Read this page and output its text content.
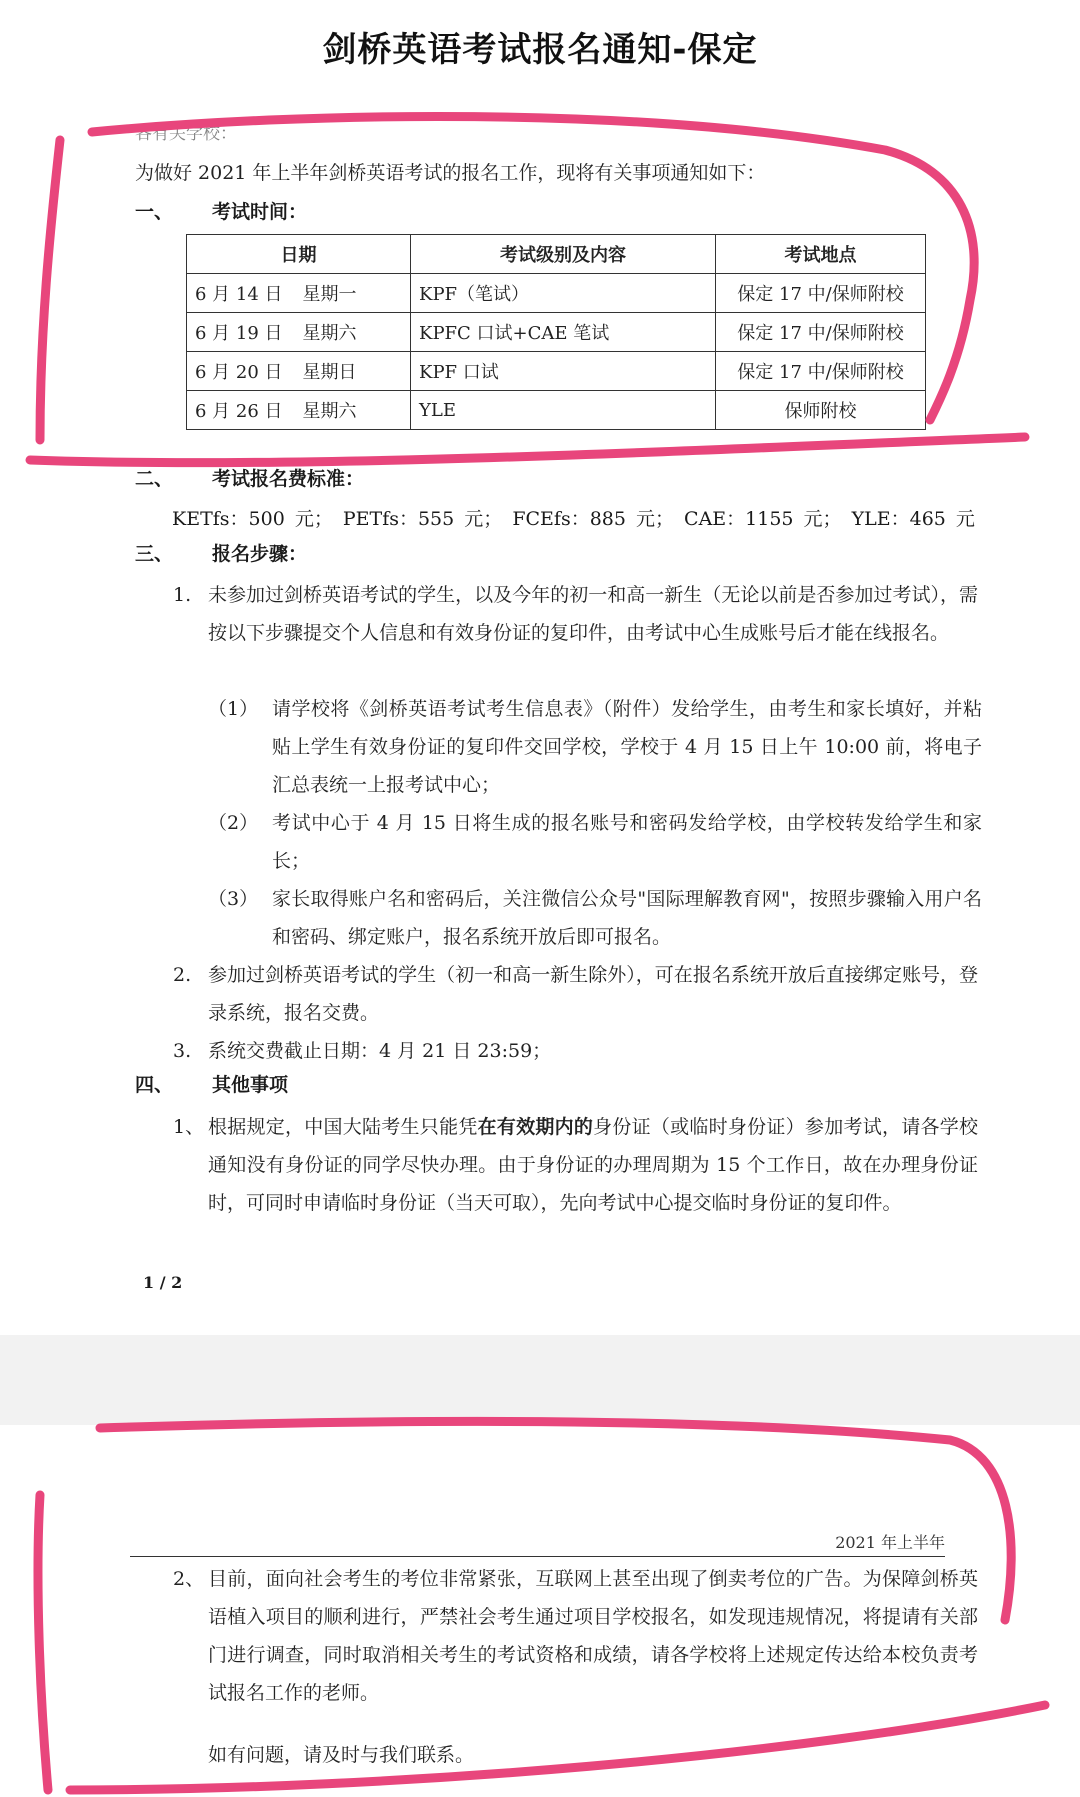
剑桥英语考试报名通知-保定
各有关学校：
为做好 2021 年上半年剑桥英语考试的报名工作，现将有关事项通知如下：
一、 考试时间：
日期	考试级别及内容	考试地点

6 月 14 日 星期一	KPF（笔试）	保定 17 中/保师附校

6 月 19 日 星期六	KPFC 口试+CAE 笔试	保定 17 中/保师附校

6 月 20 日 星期日	KPF 口试	保定 17 中/保师附校

6 月 26 日 星期六	YLE	保师附校
二、 考试报名费标准：
KETfs：500 元； PETfs：555 元； FCEfs：885 元； CAE：1155 元； YLE：465 元
三、 报名步骤：
1. 未参加过剑桥英语考试的学生，以及今年的初一和高一新生（无论以前是否参加过考试），需按以下步骤提交个人信息和有效身份证的复印件，由考试中心生成账号后才能在线报名。
（1） 请学校将《剑桥英语考试考生信息表》（附件）发给学生，由考生和家长填好，并粘贴上学生有效身份证的复印件交回学校，学校于 4 月 15 日上午 10:00 前，将电子汇总表统一上报考试中心；
（2） 考试中心于 4 月 15 日将生成的报名账号和密码发给学校，由学校转发给学生和家长；
（3） 家长取得账户名和密码后，关注微信公众号"国际理解教育网"，按照步骤输入用户名和密码、绑定账户，报名系统开放后即可报名。
2. 参加过剑桥英语考试的学生（初一和高一新生除外），可在报名系统开放后直接绑定账号，登录系统，报名交费。
3. 系统交费截止日期：4 月 21 日 23:59；
四、 其他事项
1、 根据规定，中国大陆考生只能凭在有效期内的身份证（或临时身份证）参加考试，请各学校通知没有身份证的同学尽快办理。由于身份证的办理周期为 15 个工作日，故在办理身份证时，可同时申请临时身份证（当天可取），先向考试中心提交临时身份证的复印件。
1 / 2
2021 年上半年
2、 目前，面向社会考生的考位非常紧张，互联网上甚至出现了倒卖考位的广告。为保障剑桥英语植入项目的顺利进行，严禁社会考生通过项目学校报名，如发现违规情况，将提请有关部门进行调查，同时取消相关考生的考试资格和成绩，请各学校将上述规定传达给本校负责考试报名工作的老师。
如有问题，请及时与我们联系。
